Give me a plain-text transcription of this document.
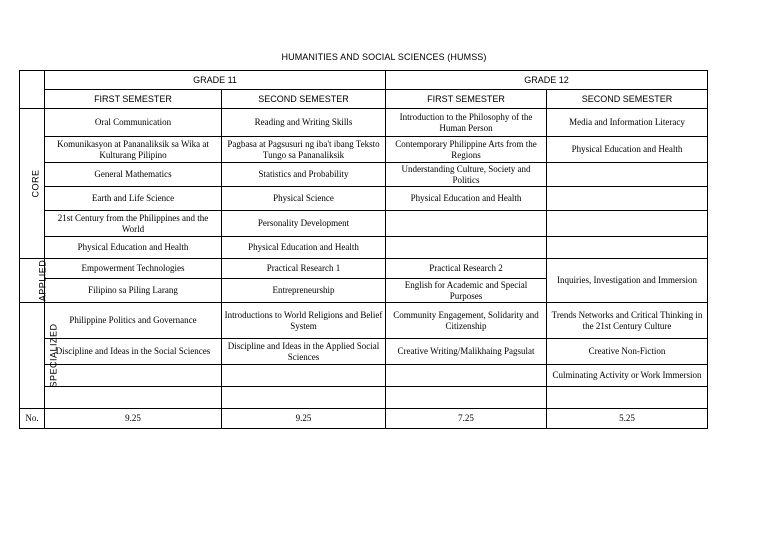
HUMANITIES AND SOCIAL SCIENCES (HUMSS)
	GRADE 11		GRADE 12	
	FIRST SEMESTER	SECOND SEMESTER	FIRST SEMESTER	SECOND SEMESTER
CORE	Oral Communication	Reading and Writing Skills	Introduction to the Philosophy of the Human Person	Media and Information Literacy
	Komunikasyon at Pananaliksik sa Wika at Kulturang Pilipino	Pagbasa at Pagsusuri ng iba't ibang Teksto Tungo sa Pananaliksik	Contemporary Philippine Arts from the Regions	Physical Education and Health
	General Mathematics	Statistics and Probability	Understanding Culture, Society and Politics	
	Earth and Life Science	Physical Science	Physical Education and Health	
	21st Century from the Philippines and the World	Personality Development		
	Physical Education and Health	Physical Education and Health		
APPLIED	Empowerment Technologies	Practical Research 1	Practical Research 2	Inquiries, Investigation and Immersion
	Filipino sa Piling Larang	Entrepreneurship	English for Academic and Special Purposes	
SPECIALIZED	Philippine Politics and Governance	Introductions to World Religions and Belief System	Community Engagement, Solidarity and Citizenship	Trends Networks and Critical Thinking in the 21st Century Culture
	Discipline and Ideas in the Social Sciences	Discipline and Ideas in the Applied Social Sciences	Creative Writing/Malikhaing Pagsulat	Creative Non-Fiction
				Culminating Activity or Work Immersion

No.	9.25	9.25	7.25	5.25
